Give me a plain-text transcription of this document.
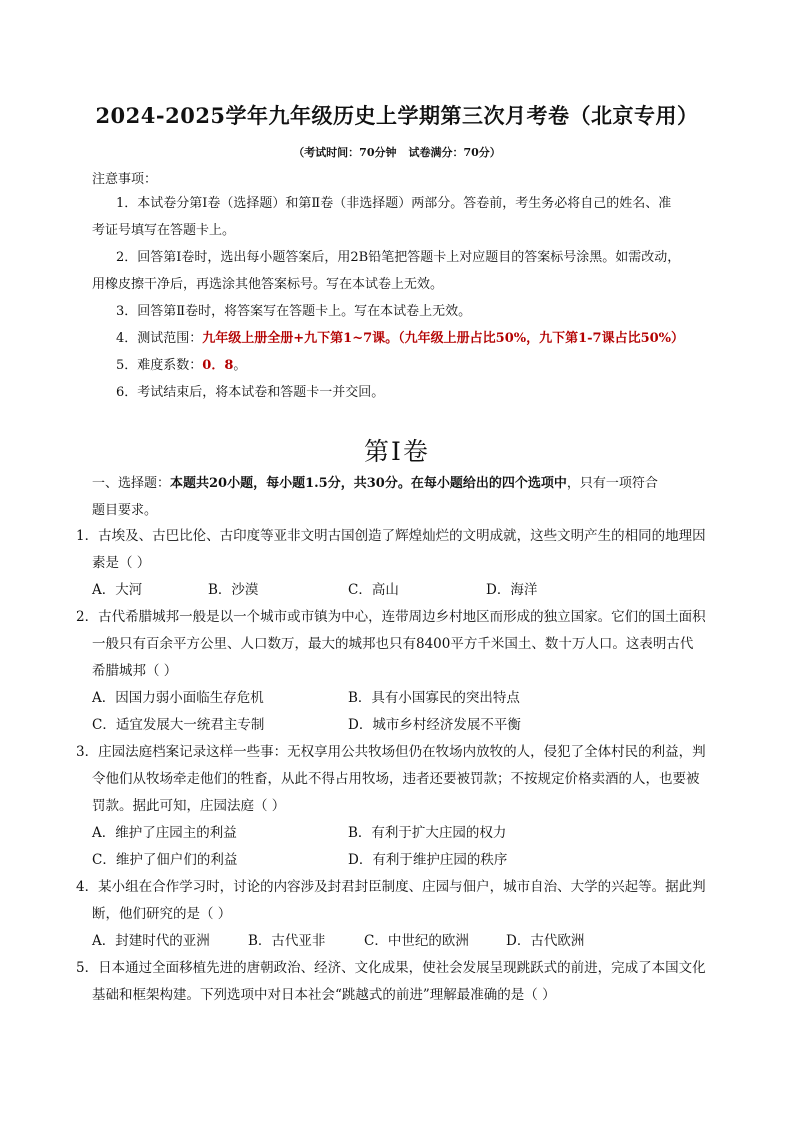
2024-2025学年九年级历史上学期第三次月考卷（北京专用）
（考试时间：70分钟 试卷满分：70分）
注意事项：
1．本试卷分第Ⅰ卷（选择题）和第Ⅱ卷（非选择题）两部分。答卷前，考生务必将自己的姓名、准
考证号填写在答题卡上。
2．回答第Ⅰ卷时，选出每小题答案后，用2B铅笔把答题卡上对应题目的答案标号涂黑。如需改动，
用橡皮擦干净后，再选涂其他答案标号。写在本试卷上无效。
3．回答第Ⅱ卷时，将答案写在答题卡上。写在本试卷上无效。
4．测试范围：九年级上册全册+九下第1~7课。（九年级上册占比50%，九下第1-7课占比50%）
5．难度系数：0．8。
6．考试结束后，将本试卷和答题卡一并交回。
第Ⅰ卷
一、选择题：本题共20小题，每小题1.5分，共30分。在每小题给出的四个选项中，只有一项符合
题目要求。
1．古埃及、古巴比伦、古印度等亚非文明古国创造了辉煌灿烂的文明成就，这些文明产生的相同的地理因
素是（ ）
A．大河	B．沙漠	C．高山	D．海洋
2．古代希腊城邦一般是以一个城市或市镇为中心，连带周边乡村地区而形成的独立国家。它们的国土面积
一般只有百余平方公里、人口数万，最大的城邦也只有8400平方千米国土、数十万人口。这表明古代
希腊城邦（ ）
A．因国力弱小面临生存危机	B．具有小国寡民的突出特点
C．适宜发展大一统君主专制	D．城市乡村经济发展不平衡
3．庄园法庭档案记录这样一些事：无权享用公共牧场但仍在牧场内放牧的人，侵犯了全体村民的利益，判
令他们从牧场牵走他们的牲畜，从此不得占用牧场，违者还要被罚款；不按规定价格卖酒的人，也要被
罚款。据此可知，庄园法庭（ ）
A．维护了庄园主的利益	B．有利于扩大庄园的权力
C．维护了佃户们的利益	D．有利于维护庄园的秩序
4．某小组在合作学习时，讨论的内容涉及封君封臣制度、庄园与佃户，城市自治、大学的兴起等。据此判
断，他们研究的是（ ）
A．封建时代的亚洲	B．古代亚非	C．中世纪的欧洲	D．古代欧洲
5．日本通过全面移植先进的唐朝政治、经济、文化成果，使社会发展呈现跳跃式的前进，完成了本国文化
基础和框架构建。下列选项中对日本社会“跳越式的前进”理解最准确的是（ ）
